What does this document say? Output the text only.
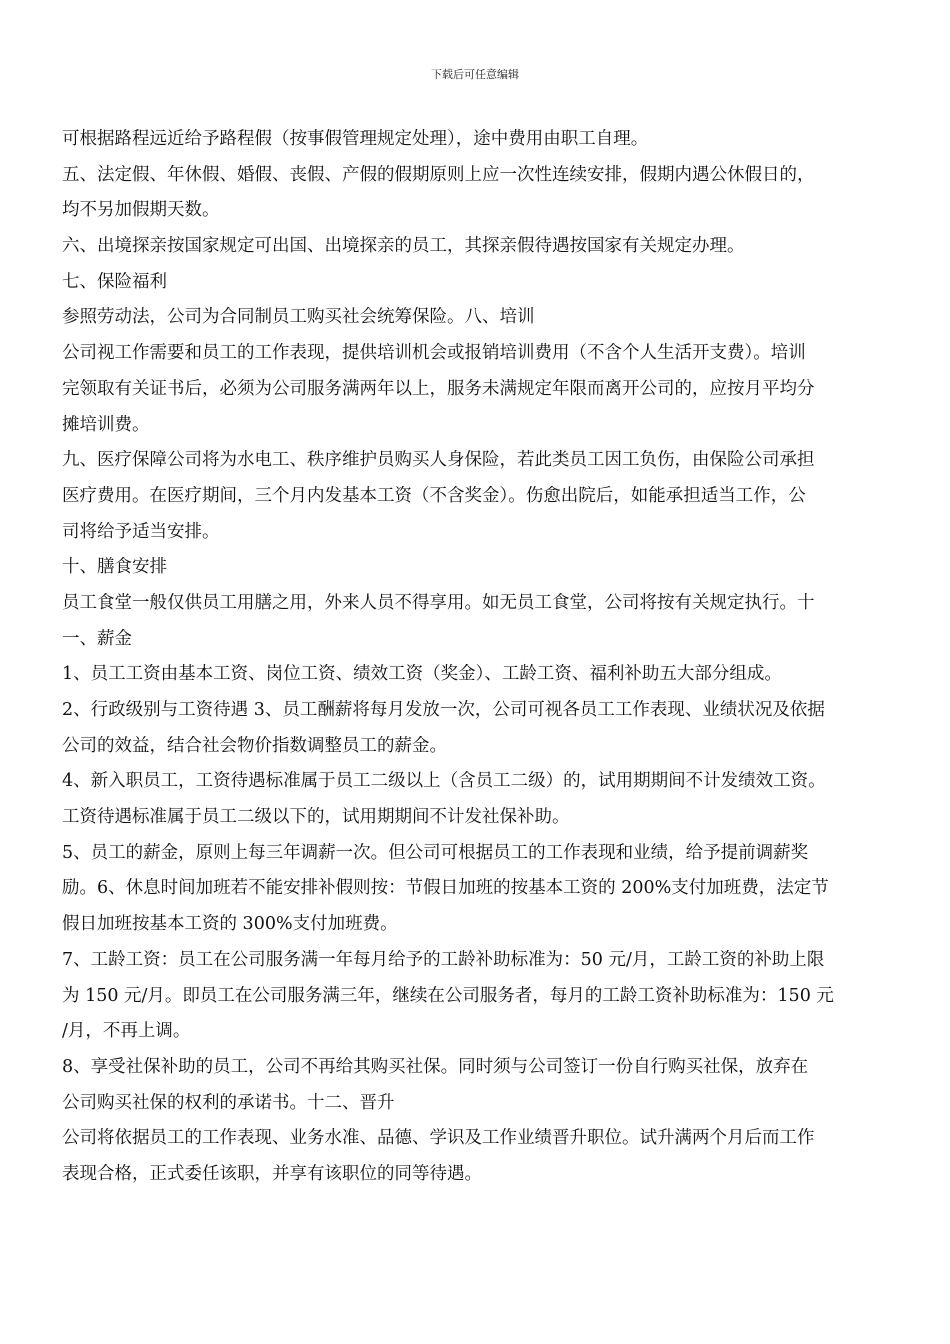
下载后可任意编辑
可根据路程远近给予路程假（按事假管理规定处理），途中费用由职工自理。
五、法定假、年休假、婚假、丧假、产假的假期原则上应一次性连续安排，假期内遇公休假日的，
均不另加假期天数。
六、出境探亲按国家规定可出国、出境探亲的员工，其探亲假待遇按国家有关规定办理。
七、保险福利
参照劳动法，公司为合同制员工购买社会统筹保险。八、培训
公司视工作需要和员工的工作表现，提供培训机会或报销培训费用（不含个人生活开支费）。培训
完领取有关证书后，必须为公司服务满两年以上，服务未满规定年限而离开公司的，应按月平均分
摊培训费。
九、医疗保障公司将为水电工、秩序维护员购买人身保险，若此类员工因工负伤，由保险公司承担
医疗费用。在医疗期间，三个月内发基本工资（不含奖金）。伤愈出院后，如能承担适当工作，公
司将给予适当安排。
十、膳食安排
员工食堂一般仅供员工用膳之用，外来人员不得享用。如无员工食堂，公司将按有关规定执行。十
一、薪金
1、员工工资由基本工资、岗位工资、绩效工资（奖金）、工龄工资、福利补助五大部分组成。
2、行政级别与工资待遇 3、员工酬薪将每月发放一次，公司可视各员工工作表现、业绩状况及依据
公司的效益，结合社会物价指数调整员工的薪金。
4、新入职员工，工资待遇标准属于员工二级以上（含员工二级）的，试用期期间不计发绩效工资。
工资待遇标准属于员工二级以下的，试用期期间不计发社保补助。
5、员工的薪金，原则上每三年调薪一次。但公司可根据员工的工作表现和业绩，给予提前调薪奖
励。6、休息时间加班若不能安排补假则按：节假日加班的按基本工资的 200%支付加班费，法定节
假日加班按基本工资的 300%支付加班费。
7、工龄工资：员工在公司服务满一年每月给予的工龄补助标准为：50 元/月，工龄工资的补助上限
为 150 元/月。即员工在公司服务满三年，继续在公司服务者，每月的工龄工资补助标准为：150 元
/月，不再上调。
8、享受社保补助的员工，公司不再给其购买社保。同时须与公司签订一份自行购买社保，放弃在
公司购买社保的权利的承诺书。十二、晋升
公司将依据员工的工作表现、业务水准、品德、学识及工作业绩晋升职位。试升满两个月后而工作
表现合格，正式委任该职，并享有该职位的同等待遇。
